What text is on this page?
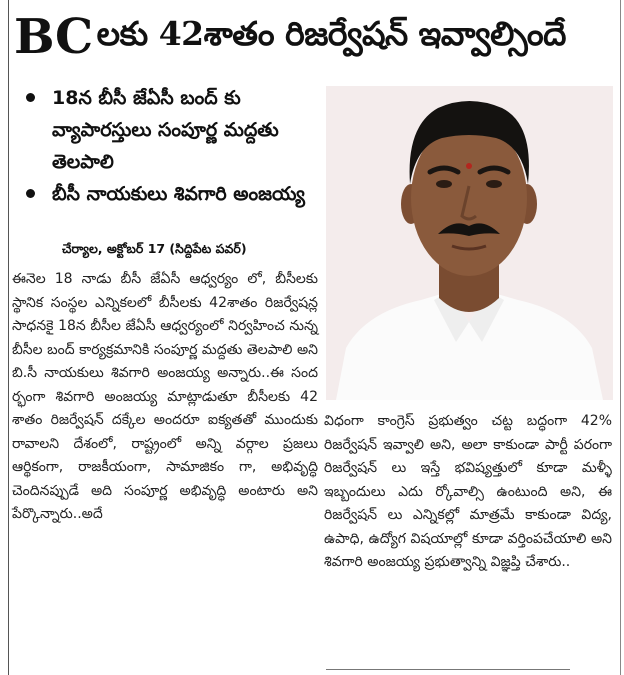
BC లకు 42శాతం రిజర్వేషన్ ఇవ్వాల్సిందే
18న బీసీ జేఏసీ బంద్ కు వ్యాపారస్తులు సంపూర్ణ మద్దతు తెలపాలి
బీసీ నాయకులు శివగారి అంజయ్య
చేర్యాల, అక్టోబర్ 17 (సిద్దిపేట పవర్)

ఈనెల 18 నాడు బీసీ జేఏసీ ఆధ్వర్యం లో, బీసీలకు స్థానిక సంస్థల ఎన్నికలలో బీసీలకు 42శాతం రిజర్వేషన్ల సాధనకై 18న బీసీల జేఏసీ ఆధ్వర్యంలో నిర్వహించ నున్న బీసీల బంద్ కార్యక్రమానికి సంపూర్ణ మద్దతు తెలపాలి అని బి.సీ నాయకులు శివగారి అంజయ్య అన్నారు..ఈ సంద ర్భంగా శివగారి అంజయ్య మాట్లాడుతూ బీసీలకు 42 శాతం రిజర్వేషన్ దక్కేల అందరూ ఐక్యతతో ముందుకు రావాలని దేశంలో, రాష్ట్రంలో అన్ని వర్గాల ప్రజలు ఆర్థికంగా, రాజకీయంగా, సామాజికం గా, అభివృద్ధి చెందినప్పుడే అది సంపూర్ణ అభివృద్ధి అంటారు అని పేర్కొన్నారు..అదే

విధంగా కాంగ్రెస్ ప్రభుత్వం చట్ట బద్ధంగా 42% రిజర్వేషన్ ఇవ్వాలి అని, అలా కాకుండా పార్టీ పరంగా రిజర్వేషన్ లు ఇస్తే భవిష్యత్తులో కూడా మళ్ళీ ఇబ్బందులు ఎదు ర్కోవాల్సి ఉంటుంది అని, ఈ రిజర్వేషన్ లు ఎన్నికల్లో మాత్రమే కాకుండా విద్య, ఉపాధి, ఉద్యోగ విషయాల్లో కూడా వర్తింపచేయాలి అని శివగారి అంజయ్య ప్రభుత్వాన్ని విజ్ఞప్తి చేశారు..
